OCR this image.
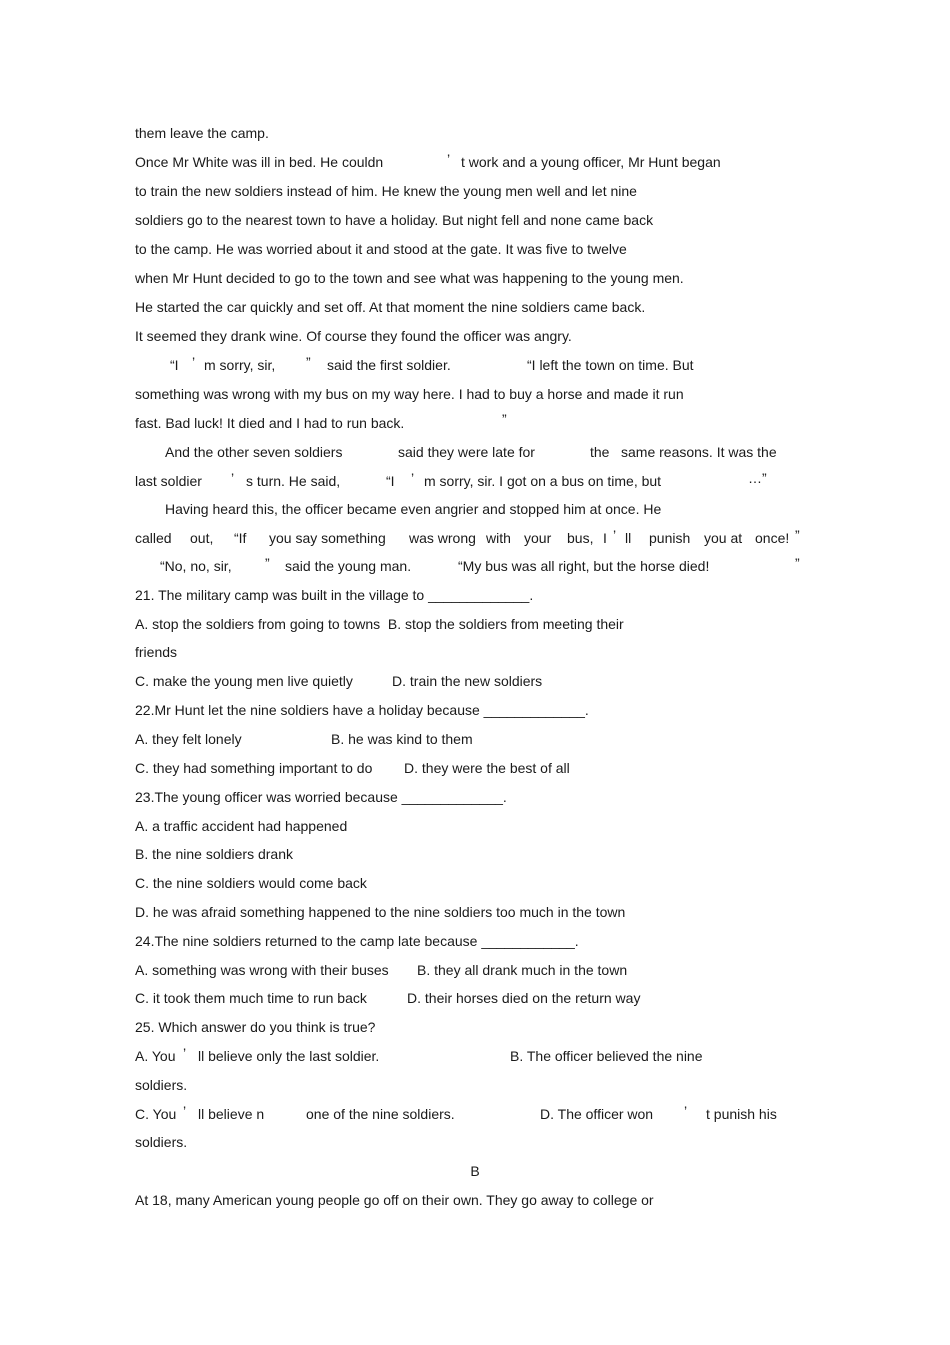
them leave the camp.
Once Mr White was ill in bed. He couldn	’ t work and a young officer, Mr Hunt began
to train the new soldiers instead of him. He knew the young men well and let nine
soldiers go to the nearest town to have a holiday. But night fell and none came back
to the camp. He was worried about it and stood at the gate. It was five to twelve
when Mr Hunt decided to go to the town and see what was happening to the young men.
He started the car quickly and set off. At that moment the nine soldiers came back.
It seemed they drank wine. Of course they found the officer was angry.
“I ’ m sorry, sir, ” said the first soldier.	“I left the town on time. But
something was wrong with my bus on my way here. I had to buy a horse and made it run
fast. Bad luck! It died and I had to run back.	”
And the other seven soldiers	said they were late for	the same reasons. It was the
last soldier ’ s turn. He said,	“I ’ m sorry, sir. I got on a bus on time, but	…”
Having heard this, the officer became even angrier and stopped him at once. He
called out, “If you say something was wrong with your bus, I ’ ll punish you at once! ”
“No, no, sir, ” said the young man.	“My bus was all right, but the horse died!	”
21. The military camp was built in the village to _____________.
A. stop the soldiers from going to towns  B. stop the soldiers from meeting their
friends
C. make the young men live quietly	D. train the new soldiers
22.Mr Hunt let the nine soldiers have a holiday because _____________.
A. they felt lonely	B. he was kind to them
C. they had something important to do D. they were the best of all
23.The young officer was worried because _____________.
A. a traffic accident had happened
B. the nine soldiers drank
C. the nine soldiers would come back
D. he was afraid something happened to the nine soldiers too much in the town
24.The nine soldiers returned to the camp late because ____________.
A. something was wrong with their buses B. they all drank much in the town
C. it took them much time to run back	D. their horses died on the return way
25. Which answer do you think is true?
A. You ’ ll believe only the last soldier.	B. The officer believed the nine
soldiers.
C. You ’ ll believe n	one of the nine soldiers.	D. The officer won ’ t punish his
soldiers.
B
At 18, many American young people go off on their own. They go away to college or
